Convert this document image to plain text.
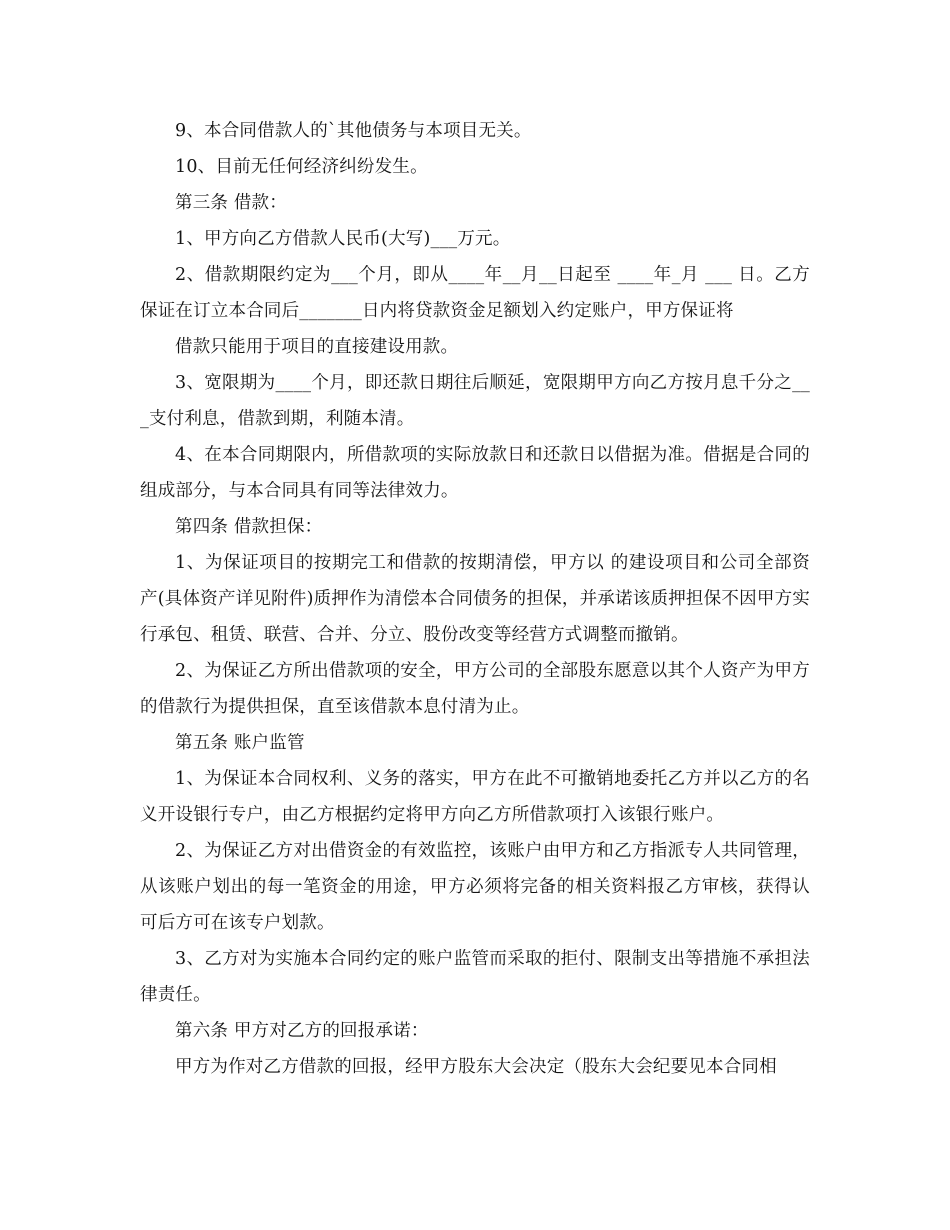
9、本合同借款人的`其他债务与本项目无关。

10、目前无任何经济纠纷发生。

第三条 借款：

1、甲方向乙方借款人民币(大写)___万元。

2、借款期限约定为___个月，即从____年__月__日起至 ____年_月 ___ 日。乙方保证在订立本合同后_______日内将贷款资金足额划入约定账户，甲方保证将

借款只能用于项目的直接建设用款。

3、宽限期为____个月，即还款日期往后顺延，宽限期甲方向乙方按月息千分之___支付利息，借款到期，利随本清。

4、在本合同期限内，所借款项的实际放款日和还款日以借据为准。借据是合同的组成部分，与本合同具有同等法律效力。

第四条 借款担保：

1、为保证项目的按期完工和借款的按期清偿，甲方以 的建设项目和公司全部资产(具体资产详见附件)质押作为清偿本合同债务的担保，并承诺该质押担保不因甲方实行承包、租赁、联营、合并、分立、股份改变等经营方式调整而撤销。

2、为保证乙方所出借款项的安全，甲方公司的全部股东愿意以其个人资产为甲方的借款行为提供担保，直至该借款本息付清为止。

第五条 账户监管

1、为保证本合同权利、义务的落实，甲方在此不可撤销地委托乙方并以乙方的名义开设银行专户，由乙方根据约定将甲方向乙方所借款项打入该银行账户。

2、为保证乙方对出借资金的有效监控，该账户由甲方和乙方指派专人共同管理，从该账户划出的每一笔资金的用途，甲方必须将完备的相关资料报乙方审核，获得认可后方可在该专户划款。

3、乙方对为实施本合同约定的账户监管而采取的拒付、限制支出等措施不承担法律责任。

第六条 甲方对乙方的回报承诺：

甲方为作对乙方借款的回报，经甲方股东大会决定（股东大会纪要见本合同相
